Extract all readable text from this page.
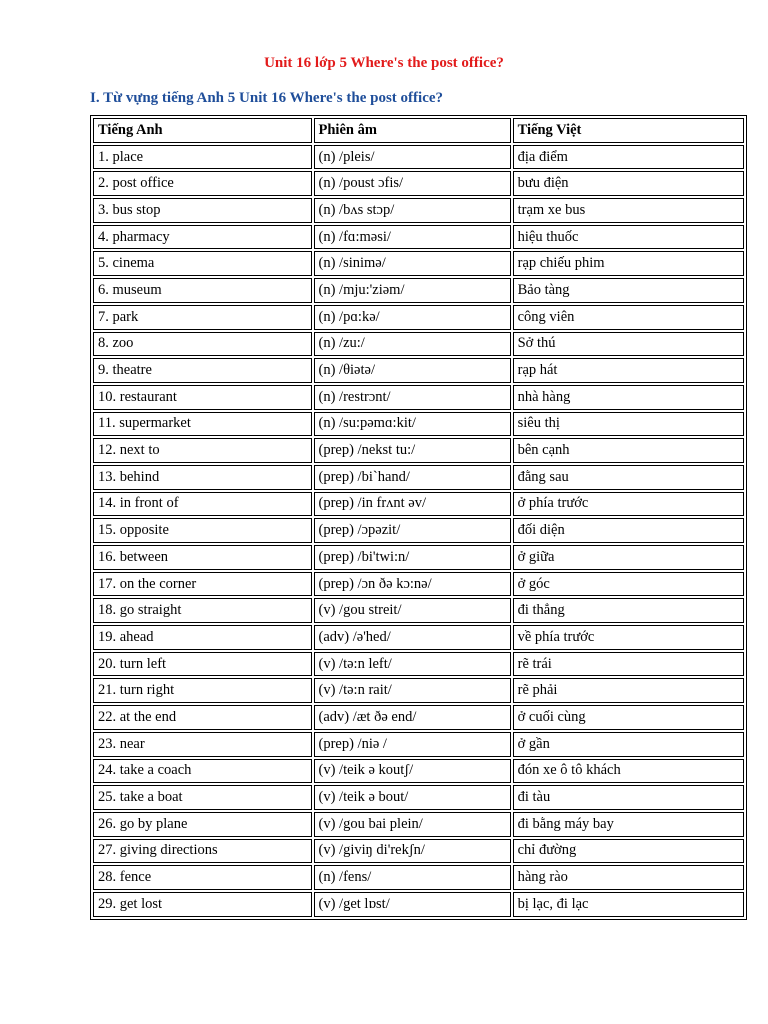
Unit 16 lớp 5 Where's the post office?
I. Từ vựng tiếng Anh 5 Unit 16 Where's the post office?
Tiếng Anh	Phiên âm	Tiếng Việt
1. place	(n) /pleis/	địa điểm
2. post office	(n) /poust ɔfis/	bưu điện
3. bus stop	(n) /bʌs stɔp/	trạm xe bus
4. pharmacy	(n) /fɑ:məsi/	hiệu thuốc
5. cinema	(n) /sinimə/	rạp chiếu phim
6. museum	(n) /mju:'ziəm/	Bảo tàng
7. park	(n) /pɑ:kə/	công viên
8. zoo	(n) /zu:/	Sở thú
9. theatre	(n) /θiətə/	rạp hát
10. restaurant	(n) /restrɔnt/	nhà hàng
11. supermarket	(n) /su:pəmɑ:kit/	siêu thị
12. next to	(prep) /nekst tu:/	bên cạnh
13. behind	(prep) /bi`hand/	đằng sau
14. in front of	(prep) /in frʌnt əv/	ở phía trước
15. opposite	(prep) /ɔpəzit/	đối diện
16. between	(prep) /bi'twi:n/	ở giữa
17. on the corner	(prep) /ɔn ðə kɔ:nə/	ở góc
18. go straight	(v) /gou streit/	đi thẳng
19. ahead	(adv) /ə'hed/	về phía trước
20. turn left	(v) /tə:n left/	rẽ trái
21. turn right	(v) /tə:n rait/	rẽ phải
22. at the end	(adv) /æt ðə end/	ở cuối cùng
23. near	(prep) /niə /	ở gần
24. take a coach	(v) /teik ə koutʃ/	đón xe ô tô khách
25. take a boat	(v) /teik ə bout/	đi tàu
26. go by plane	(v) /gou bai plein/	đi bằng máy bay
27. giving directions	(v) /giviŋ di'rekʃn/	chỉ đường
28. fence	(n) /fens/	hàng rào
29. get lost	(v) /get lɒst/	bị lạc, đi lạc
